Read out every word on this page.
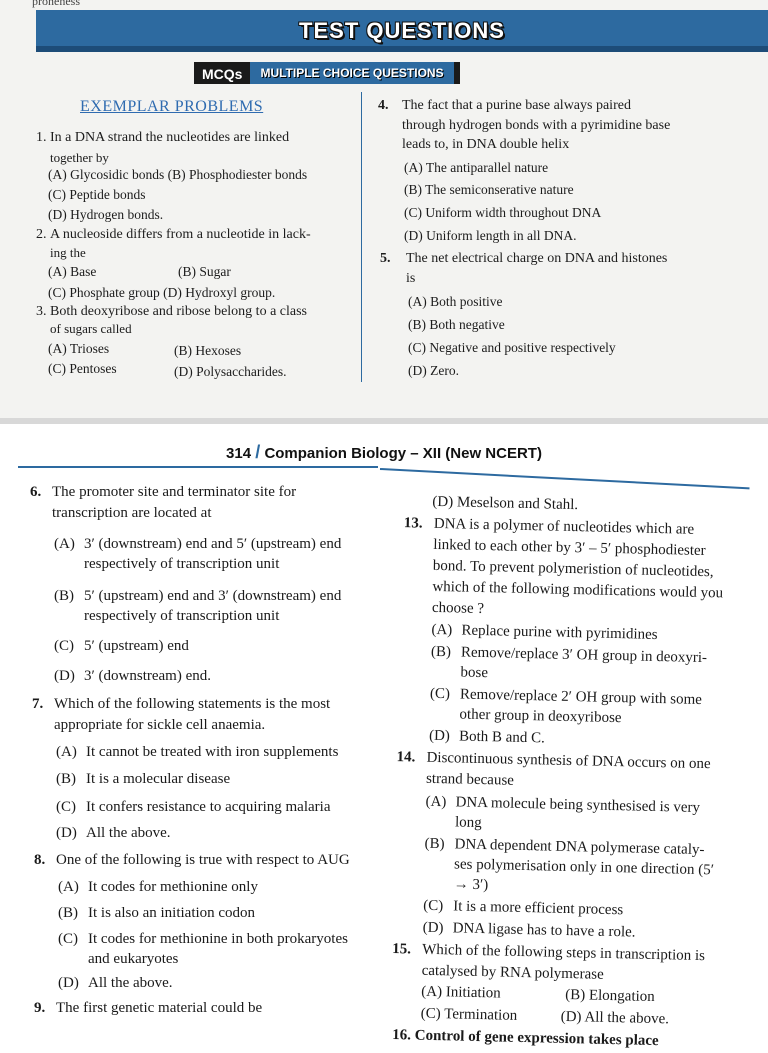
proneness
TEST QUESTIONS
MCQs	MULTIPLE CHOICE QUESTIONS
EXEMPLAR PROBLEMS
1. In a DNA strand the nucleotides are linked
together by
(A) Glycosidic bonds (B) Phosphodiester bonds
(C) Peptide bonds
(D) Hydrogen bonds.
2. A nucleoside differs from a nucleotide in lack-
ing the
(A) Base	(B) Sugar
(C) Phosphate group (D) Hydroxyl group.
3. Both deoxyribose and ribose belong to a class
of sugars called
(A) Trioses	(B) Hexoses
(C) Pentoses	(D) Polysaccharides.
4. The fact that a purine base always paired
through hydrogen bonds with a pyrimidine base
leads to, in DNA double helix
(A) The antiparallel nature
(B) The semiconserative nature
(C) Uniform width throughout DNA
(D) Uniform length in all DNA.
5. The net electrical charge on DNA and histones
is
(A) Both positive
(B) Both negative
(C) Negative and positive respectively
(D) Zero.
314 / Companion Biology – XII (New NCERT)
6. The promoter site and terminator site for
transcription are located at
(A) 3′ (downstream) end and 5′ (upstream) end
respectively of transcription unit
(B) 5′ (upstream) end and 3′ (downstream) end
respectively of transcription unit
(C) 5′ (upstream) end
(D) 3′ (downstream) end.
7. Which of the following statements is the most
appropriate for sickle cell anaemia.
(A) It cannot be treated with iron supplements
(B) It is a molecular disease
(C) It confers resistance to acquiring malaria
(D) All the above.
8. One of the following is true with respect to AUG
(A) It codes for methionine only
(B) It is also an initiation codon
(C) It codes for methionine in both prokaryotes
and eukaryotes
(D) All the above.
9. The first genetic material could be
(D) Meselson and Stahl.
13. DNA is a polymer of nucleotides which are
linked to each other by 3′ – 5′ phosphodiester
bond. To prevent polymeristion of nucleotides,
which of the following modifications would you
choose ?
(A) Replace purine with pyrimidines
(B) Remove/replace 3′ OH group in deoxyri-
bose
(C) Remove/replace 2′ OH group with some
other group in deoxyribose
(D) Both B and C.
14. Discontinuous synthesis of DNA occurs on one
strand because
(A) DNA molecule being synthesised is very
long
(B) DNA dependent DNA polymerase cataly-
ses polymerisation only in one direction (5′
→ 3′)
(C) It is a more efficient process
(D) DNA ligase has to have a role.
15. Which of the following steps in transcription is
catalysed by RNA polymerase
(A) Initiation	(B) Elongation
(C) Termination	(D) All the above.
16. Control of gene expression takes place
